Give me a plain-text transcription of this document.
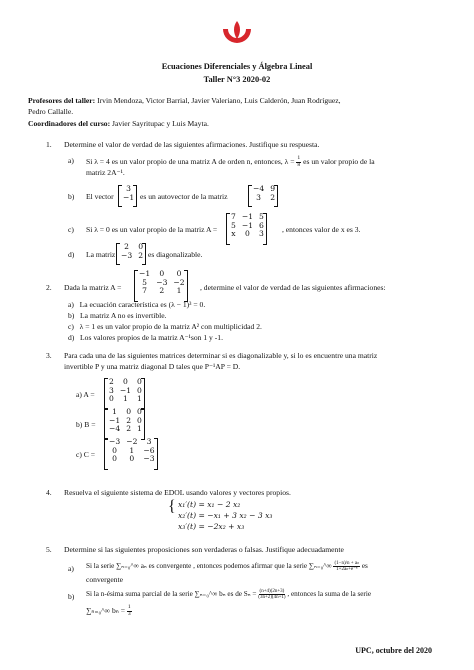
Ecuaciones Diferenciales y Álgebra Lineal
Taller N°3 2020-02
Profesores del taller: Irvin Mendoza, Victor Barrial, Javier Valeriano, Luis Calderón, Juan Rodríguez,
Pedro Callalle.
Coordinadores del curso: Javier Sayritupac y Luis Mayta.
1. Determine el valor de verdad de las siguientes afirmaciones. Justifique su respuesta.
a) Si λ = 4 es un valor propio de una matriz A de orden n, entonces, $\lambda = \frac{1}{8}$ es un valor propio de la
matriz 2A⁻¹.
b) El vector
3
−1 es un autovector de la matriz
−4	9
3	2
c) Si λ = 0 es un valor propio de la matriz A =
7	−1	5
5	−1	6
x	0	3 , entonces valor de x es 3.
d) La matriz
2	0
−3	2 es diagonalizable.
2. Dada la matriz A =
−1	0	0
5	−3	−2
7	2	1 , determine el valor de verdad de las siguientes afirmaciones:
a)   La ecuación característica es (λ − 1)³ = 0.
b)   La matriz A no es invertible.
c)   λ = 1 es un valor propio de la matriz A² con multiplicidad 2.
d)   Los valores propios de la matriz A⁻¹son 1 y -1.
3. Para cada una de las siguientes matrices determinar si es diagonalizable y, si lo es encuentre una matriz
invertible P y una matriz diagonal D tales que P⁻¹AP = D.
a) A =
2	0	0
3	−1	0
0	1	1
b) B =
1	0	0
−1	2	0
−4	2	1
c) C =
−3	−2	3
0	1	−6
0	0	−3
4. Resuelva el siguiente sistema de EDOL usando valores y vectores propios.
{ x₁′(t) = x₁ − 2 x₂
x₂′(t) = −x₁ + 3 x₂ − 3 x₃
x₃′(t) = −2x₂ + x₃
5. Determine si las siguientes proposiciones son verdaderas o falsas. Justifique adecuadamente
a) Si la serie ∑ₙ₌₀^∞ aₙ es convergente , entonces podemos afirmar que la serie ∑ₙ₌₀^∞ $\frac{\text{(1−n)/n + aₙ}}{\text{1+2aₙ+e⁻ⁿ}}$ es
convergente
b) Si la n-ésima suma parcial de la serie ∑ₙ₌₀^∞ bₙ es de $S_n = \frac{(n+4)(2n+3)}{(3n+2)(4n+1)}$ , entonces la suma de la serie
∑ₙ₌₀^∞ $b_n = \frac{1}{3}$
UPC, octubre del 2020
